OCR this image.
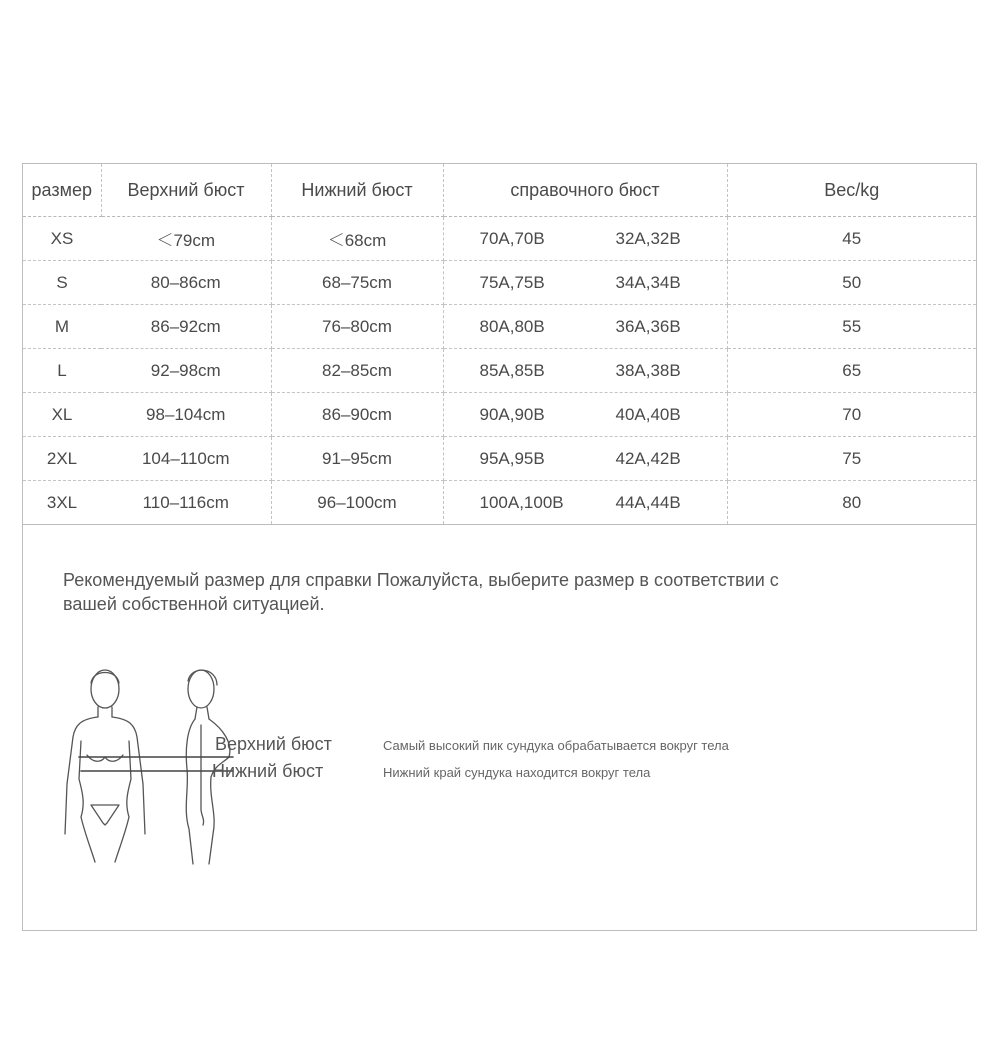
размер	Верхний бюст	Нижний бюст	справочного бюст	Вес/kg
XS	＜79cm	＜68cm	70A,70B 32A,32B	45
S	80–86cm	68–75cm	75A,75B 34A,34B	50
M	86–92cm	76–80cm	80A,80B 36A,36B	55
L	92–98cm	82–85cm	85A,85B 38A,38B	65
XL	98–104cm	86–90cm	90A,90B 40A,40B	70
2XL	104–110cm	91–95cm	95A,95B 42A,42B	75
3XL	110–116cm	96–100cm	100A,100B 44A,44B	80
Рекомендуемый размер для справки Пожалуйста, выберите размер в соответствии с
вашей собственной ситуацией.
Верхний бюст
Нижний бюст
Самый высокий пик сундука обрабатывается вокруг тела
Нижний край сундука находится вокруг тела
